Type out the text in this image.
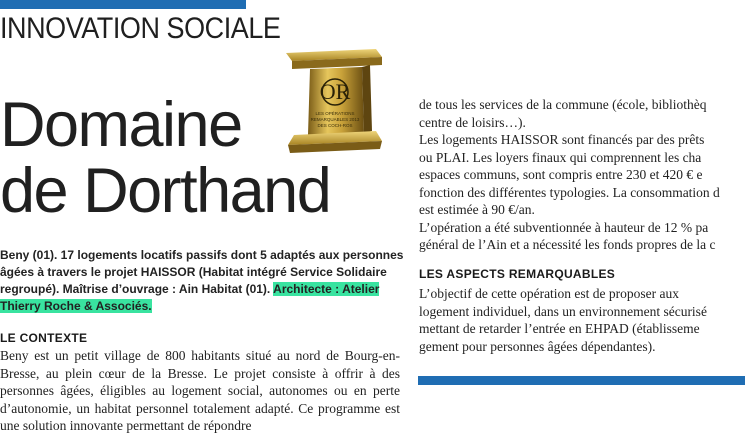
INNOVATION SOCIALE
Domaine
de Dorthand
OR
LES OPÉRATIONS
REMARQUABLES 2013
DES COCH-ROS
Beny (01). 17 logements locatifs passifs dont 5 adaptés aux personnes âgées à travers le projet HAISSOR (Habitat intégré Service Solidaire regroupé). Maîtrise d’ouvrage : Ain Habitat (01). Architecte : Atelier Thierry Roche & Associés.
LE CONTEXTE
Beny est un petit village de 800 habitants situé au nord de Bourg-en-Bresse, au plein cœur de la Bresse. Le projet consiste à offrir à des personnes âgées, éligibles au logement social, autonomes ou en perte d’autonomie, un habitat personnel totalement adapté. Ce programme est une solution innovante permettant de répondre

de tous les services de la commune (école, bibliothèq

centre de loisirs…).

Les logements HAISSOR sont financés par des prêts

ou PLAI. Les loyers finaux qui comprennent les cha

espaces communs, sont compris entre 230 et 420 € e

fonction des différentes typologies. La consommation d

est estimée à 90 €/an.

L’opération a été subventionnée à hauteur de 12 % pa

général de l’Ain et a nécessité les fonds propres de la c

LES ASPECTS REMARQUABLES

L’objectif de cette opération est de proposer aux

logement individuel, dans un environnement sécurisé

mettant de retarder l’entrée en EHPAD (établisseme

gement pour personnes âgées dépendantes).
